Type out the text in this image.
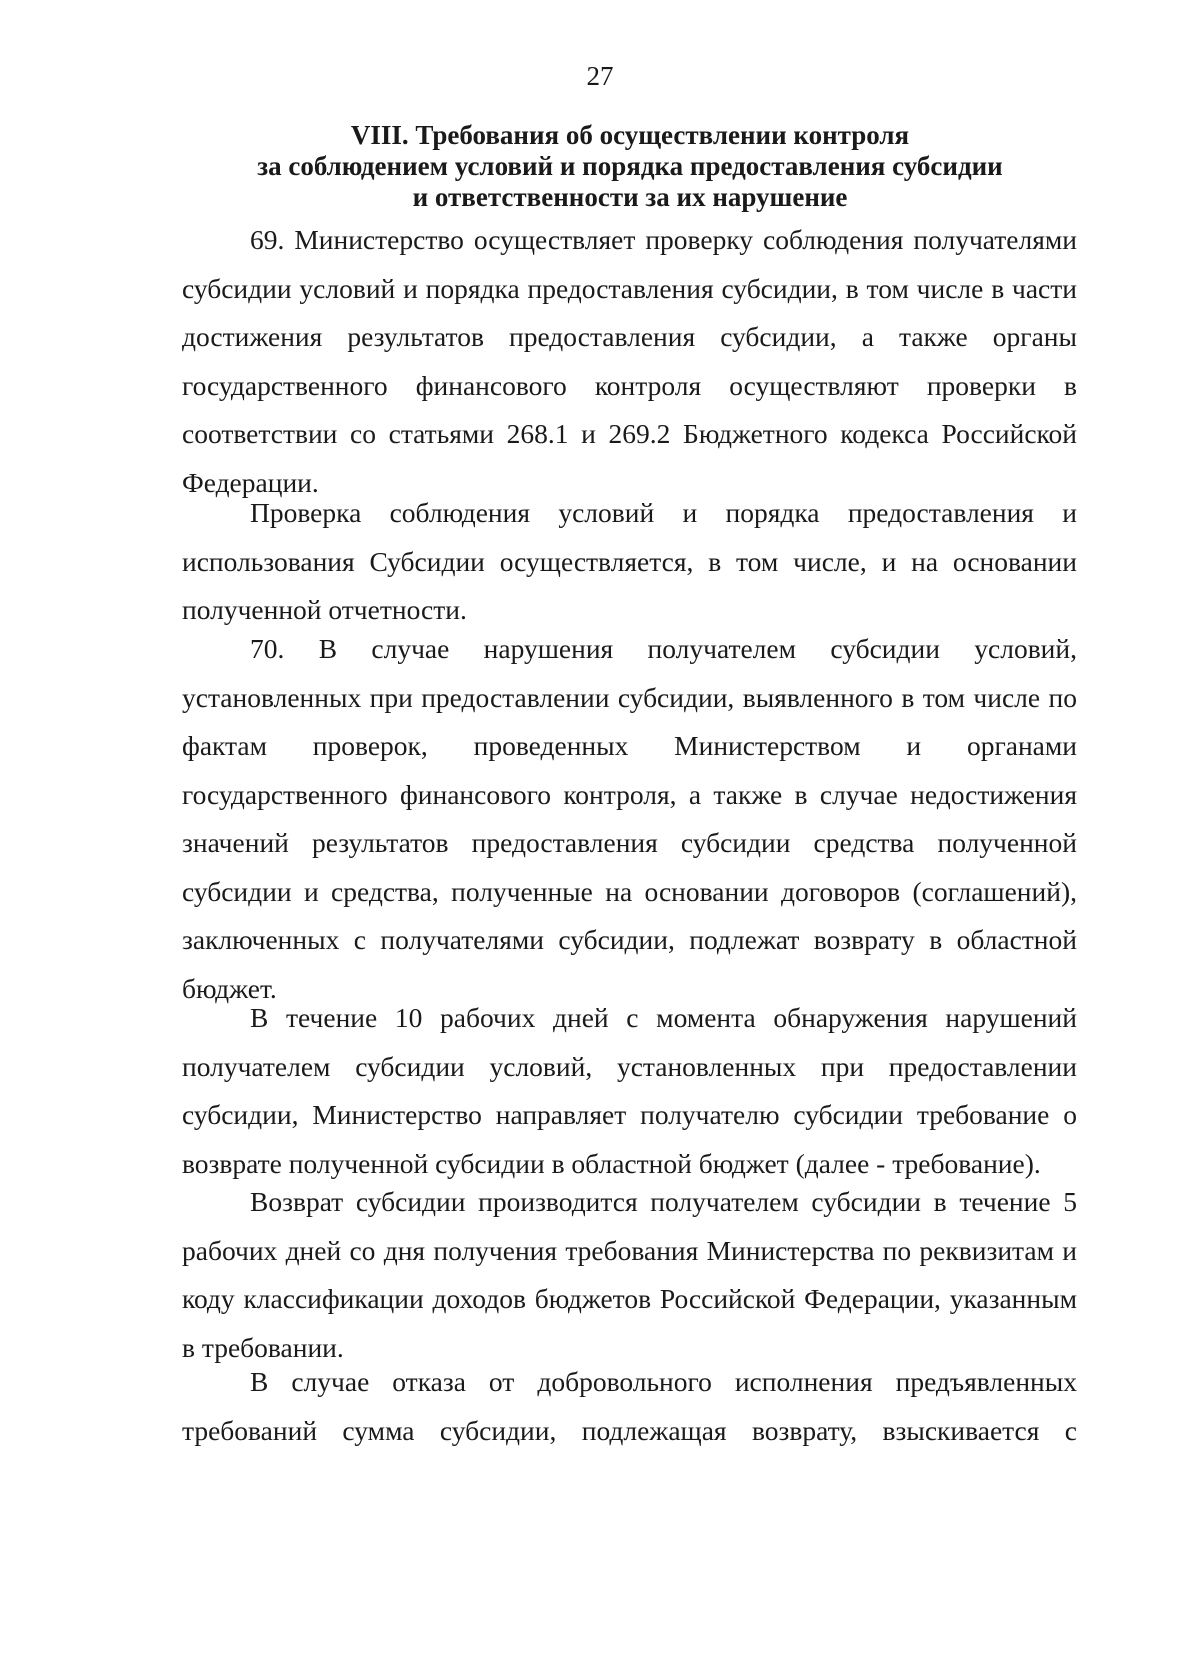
27
VIII. Требования об осуществлении контроля
за соблюдением условий и порядка предоставления субсидии
и ответственности за их нарушение

69. Министерство осуществляет проверку соблюдения получателями субсидии условий и порядка предоставления субсидии, в том числе в части достижения результатов предоставления субсидии, а также органы государственного финансового контроля осуществляют проверки в соответствии со статьями 268.1 и 269.2 Бюджетного кодекса Российской Федерации.

Проверка соблюдения условий и порядка предоставления и использования Субсидии осуществляется, в том числе, и на основании полученной отчетности.

70. В случае нарушения получателем субсидии условий, установленных при предоставлении субсидии, выявленного в том числе по фактам проверок, проведенных Министерством и органами государственного финансового контроля, а также в случае недостижения значений результатов предоставления субсидии средства полученной субсидии и средства, полученные на основании договоров (соглашений), заключенных с получателями субсидии, подлежат возврату в областной бюджет.

В течение 10 рабочих дней с момента обнаружения нарушений получателем субсидии условий, установленных при предоставлении субсидии, Министерство направляет получателю субсидии требование о возврате полученной субсидии в областной бюджет (далее - требование).

Возврат субсидии производится получателем субсидии в течение 5 рабочих дней со дня получения требования Министерства по реквизитам и коду классификации доходов бюджетов Российской Федерации, указанным в требовании.

В случае отказа от добровольного исполнения предъявленных требований сумма субсидии, подлежащая возврату, взыскивается с
